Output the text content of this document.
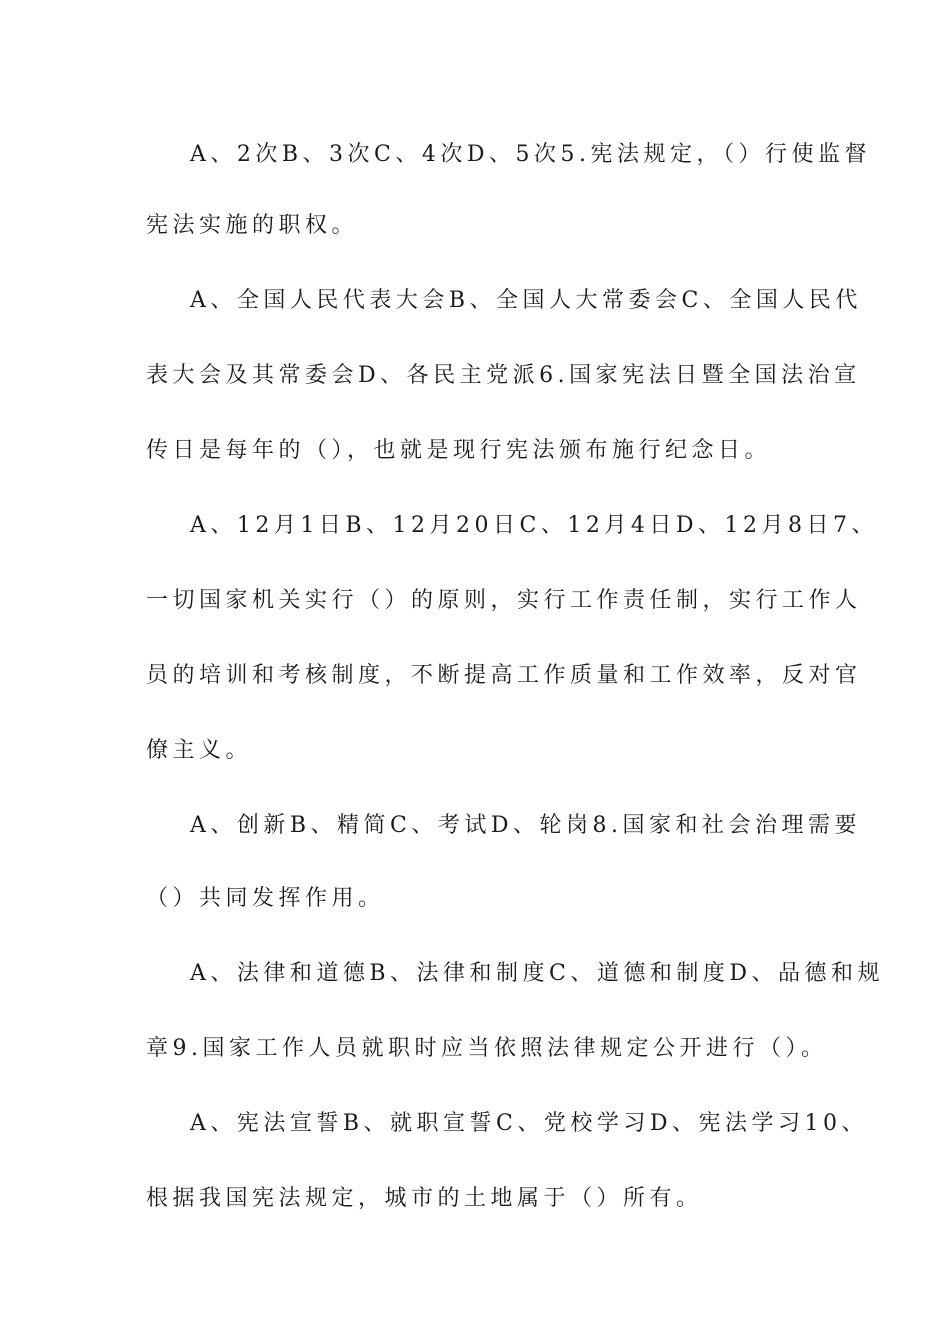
A、2次B、3次C、4次D、5次5.宪法规定，（）行使监督
宪法实施的职权。
A、全国人民代表大会B、全国人大常委会C、全国人民代
表大会及其常委会D、各民主党派6.国家宪法日暨全国法治宣
传日是每年的（），也就是现行宪法颁布施行纪念日。
A、12月1日B、12月20日C、12月4日D、12月8日7、
一切国家机关实行（）的原则，实行工作责任制，实行工作人
员的培训和考核制度，不断提高工作质量和工作效率，反对官
僚主义。
A、创新B、精简C、考试D、轮岗8.国家和社会治理需要
（）共同发挥作用。
A、法律和道德B、法律和制度C、道德和制度D、品德和规
章9.国家工作人员就职时应当依照法律规定公开进行（）。
A、宪法宣誓B、就职宣誓C、党校学习D、宪法学习10、
根据我国宪法规定，城市的土地属于（）所有。
